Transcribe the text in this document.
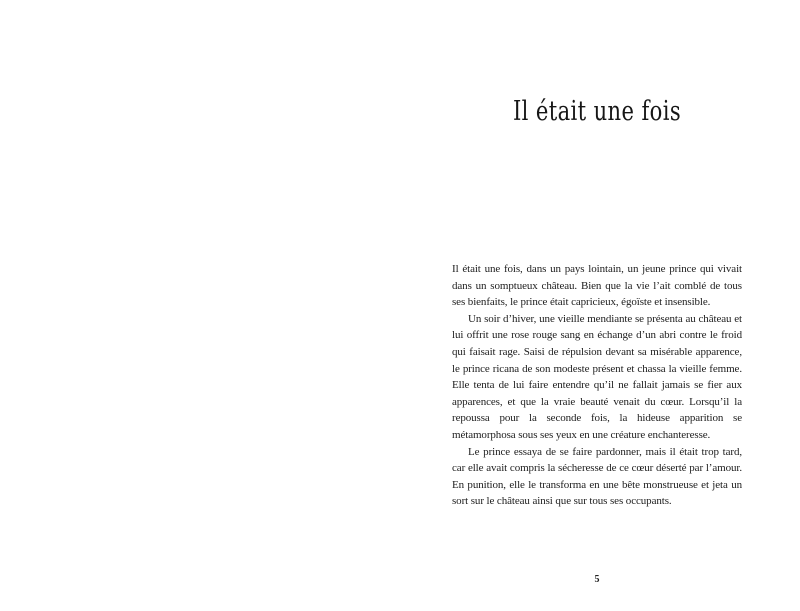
Il était une fois
Il était une fois, dans un pays lointain, un jeune prince qui vivait dans un somptueux château. Bien que la vie l’ait comblé de tous ses bienfaits, le prince était capricieux, égoïste et insensible.
Un soir d’hiver, une vieille mendiante se présenta au château et lui offrit une rose rouge sang en échange d’un abri contre le froid qui faisait rage. Saisi de répulsion devant sa misérable apparence, le prince ricana de son modeste présent et chassa la vieille femme. Elle tenta de lui faire entendre qu’il ne fallait jamais se fier aux apparences, et que la vraie beauté venait du cœur. Lorsqu’il la repoussa pour la seconde fois, la hideuse apparition se métamorphosa sous ses yeux en une créature enchanteresse.
Le prince essaya de se faire pardonner, mais il était trop tard, car elle avait compris la sécheresse de ce cœur déserté par l’amour. En punition, elle le transforma en une bête monstrueuse et jeta un sort sur le château ainsi que sur tous ses occupants.
5
